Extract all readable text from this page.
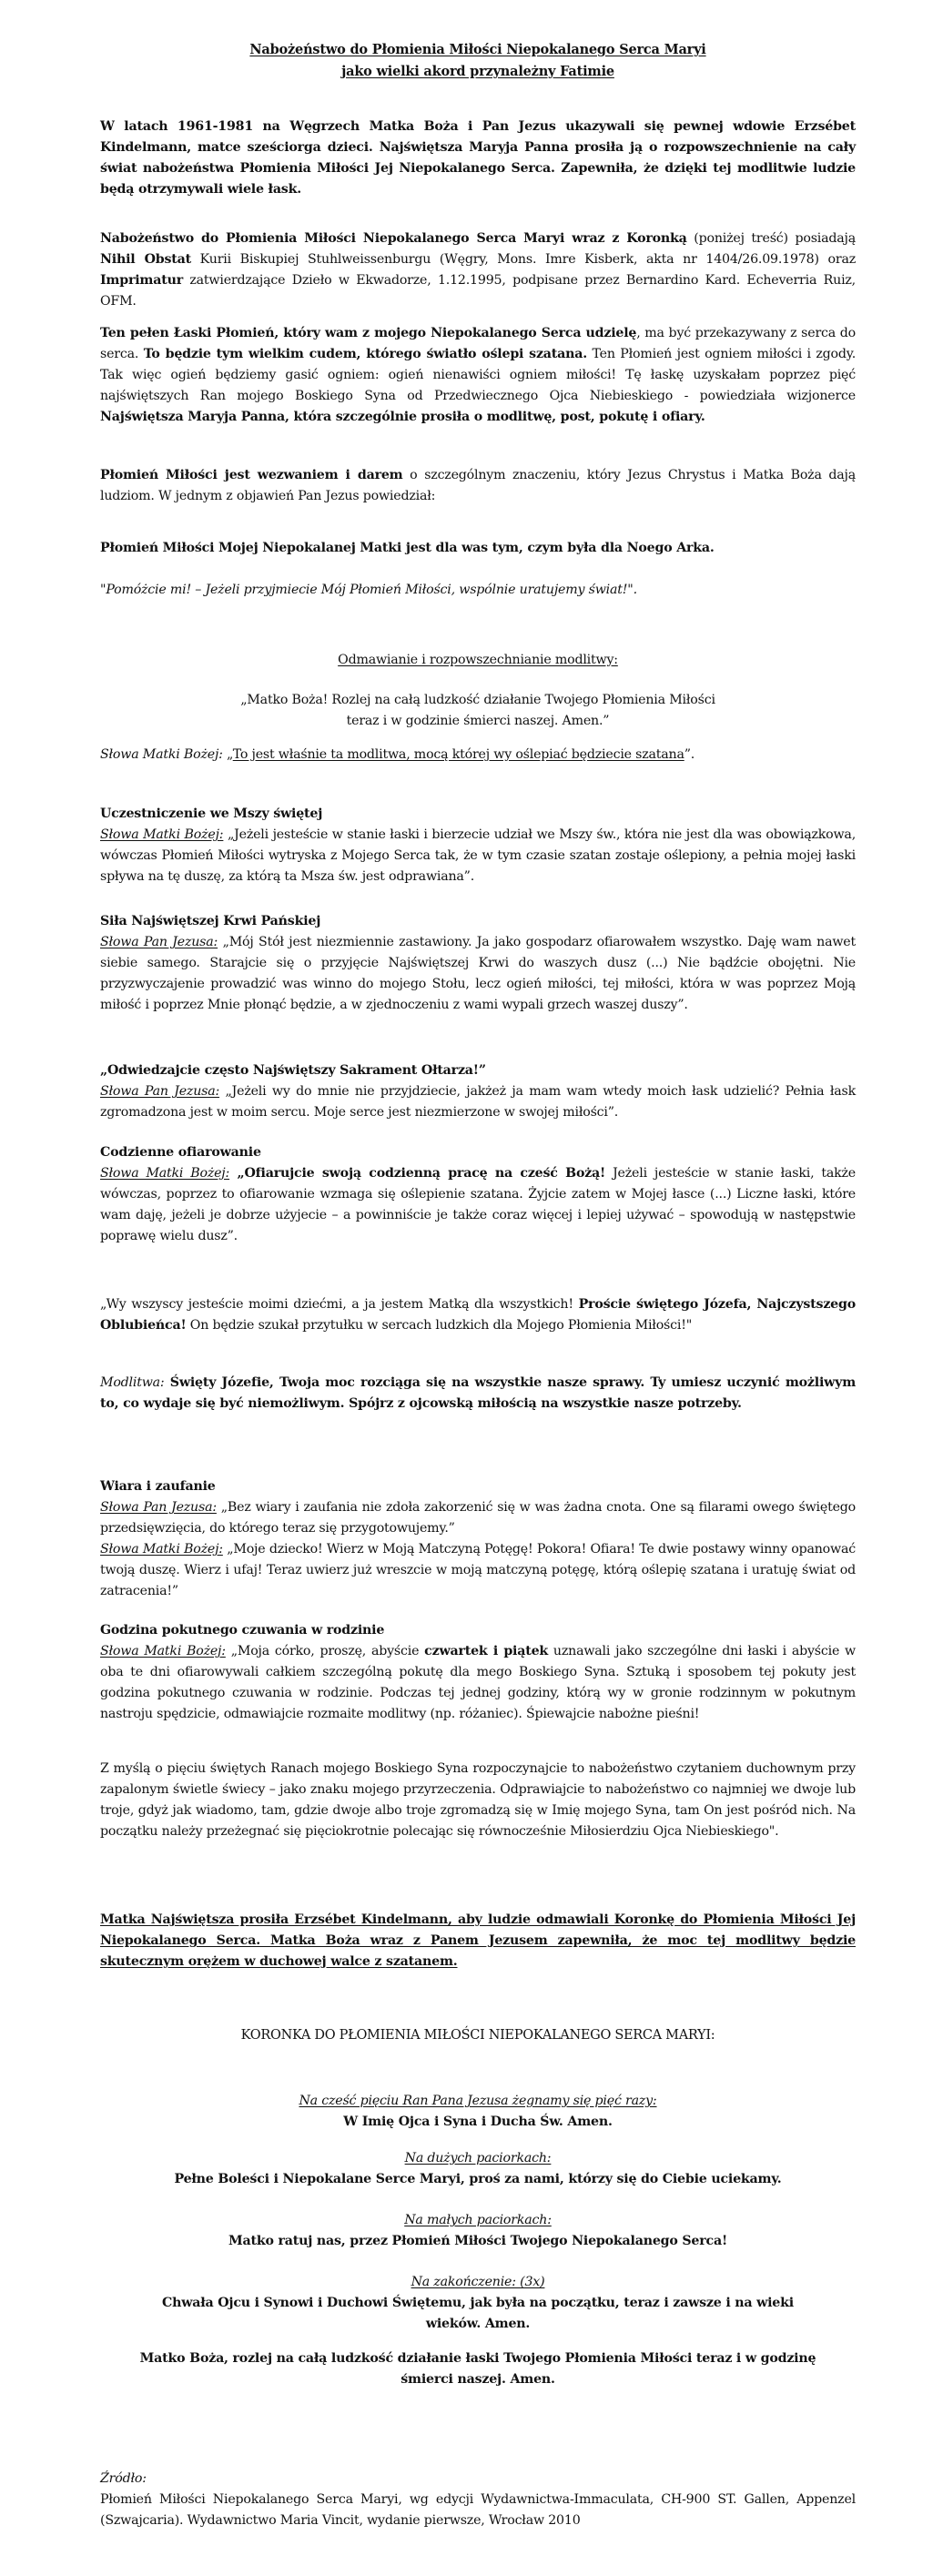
Nabożeństwo do Płomienia Miłości Niepokalanego Serca Maryi
jako wielki akord przynależny Fatimie
W latach 1961-1981 na Węgrzech Matka Boża i Pan Jezus ukazywali się pewnej wdowie Erzsébet Kindelmann, matce sześciorga dzieci. Najświętsza Maryja Panna prosiła ją o rozpowszechnienie na cały świat nabożeństwa Płomienia Miłości Jej Niepokalanego Serca. Zapewniła, że dzięki tej modlitwie ludzie będą otrzymywali wiele łask.
Nabożeństwo do Płomienia Miłości Niepokalanego Serca Maryi wraz z Koronką (poniżej treść) posiadają Nihil Obstat Kurii Biskupiej Stuhlweissenburgu (Węgry, Mons. Imre Kisberk, akta nr 1404/26.09.1978) oraz Imprimatur zatwierdzające Dzieło w Ekwadorze, 1.12.1995, podpisane przez Bernardino Kard. Echeverria Ruiz, OFM.
Ten pełen Łaski Płomień, który wam z mojego Niepokalanego Serca udzielę, ma być przekazywany z serca do serca. To będzie tym wielkim cudem, którego światło oślepi szatana. Ten Płomień jest ogniem miłości i zgody. Tak więc ogień będziemy gasić ogniem: ogień nienawiści ogniem miłości! Tę łaskę uzyskałam poprzez pięć najświętszych Ran mojego Boskiego Syna od Przedwiecznego Ojca Niebieskiego - powiedziała wizjonerce Najświętsza Maryja Panna, która szczególnie prosiła o modlitwę, post, pokutę i ofiary.
Płomień Miłości jest wezwaniem i darem o szczególnym znaczeniu, który Jezus Chrystus i Matka Boża dają ludziom. W jednym z objawień Pan Jezus powiedział:
Płomień Miłości Mojej Niepokalanej Matki jest dla was tym, czym była dla Noego Arka.
"Pomóżcie mi! – Jeżeli przyjmiecie Mój Płomień Miłości, wspólnie uratujemy świat!".
Odmawianie i rozpowszechnianie modlitwy:
„Matko Boża! Rozlej na całą ludzkość działanie Twojego Płomienia Miłości
teraz i w godzinie śmierci naszej. Amen.”
Słowa Matki Bożej: „To jest właśnie ta modlitwa, mocą której wy oślepiać będziecie szatana”.
Uczestniczenie we Mszy świętej
Słowa Matki Bożej: „Jeżeli jesteście w stanie łaski i bierzecie udział we Mszy św., która nie jest dla was obowiązkowa, wówczas Płomień Miłości wytryska z Mojego Serca tak, że w tym czasie szatan zostaje oślepiony, a pełnia mojej łaski spływa na tę duszę, za którą ta Msza św. jest odprawiana”.
Siła Najświętszej Krwi Pańskiej
Słowa Pan Jezusa: „Mój Stół jest niezmiennie zastawiony. Ja jako gospodarz ofiarowałem wszystko. Daję wam nawet siebie samego. Starajcie się o przyjęcie Najświętszej Krwi do waszych dusz (...) Nie bądźcie obojętni. Nie przyzwyczajenie prowadzić was winno do mojego Stołu, lecz ogień miłości, tej miłości, która w was poprzez Moją miłość i poprzez Mnie płonąć będzie, a w zjednoczeniu z wami wypali grzech waszej duszy”.
„Odwiedzajcie często Najświętszy Sakrament Ołtarza!”
Słowa Pan Jezusa: „Jeżeli wy do mnie nie przyjdziecie, jakżeż ja mam wam wtedy moich łask udzielić? Pełnia łask zgromadzona jest w moim sercu. Moje serce jest niezmierzone w swojej miłości”.
Codzienne ofiarowanie
Słowa Matki Bożej: „Ofiarujcie swoją codzienną pracę na cześć Bożą! Jeżeli jesteście w stanie łaski, także wówczas, poprzez to ofiarowanie wzmaga się oślepienie szatana. Żyjcie zatem w Mojej łasce (...) Liczne łaski, które wam daję, jeżeli je dobrze użyjecie – a powinniście je także coraz więcej i lepiej używać – spowodują w następstwie poprawę wielu dusz”.
„Wy wszyscy jesteście moimi dziećmi, a ja jestem Matką dla wszystkich! Proście świętego Józefa, Najczystszego Oblubieńca! On będzie szukał przytułku w sercach ludzkich dla Mojego Płomienia Miłości!"
Modlitwa: Święty Józefie, Twoja moc rozciąga się na wszystkie nasze sprawy. Ty umiesz uczynić możliwym to, co wydaje się być niemożliwym. Spójrz z ojcowską miłością na wszystkie nasze potrzeby.
Wiara i zaufanie
Słowa Pan Jezusa: „Bez wiary i zaufania nie zdoła zakorzenić się w was żadna cnota. One są filarami owego świętego przedsięwzięcia, do którego teraz się przygotowujemy.”
Słowa Matki Bożej: „Moje dziecko! Wierz w Moją Matczyną Potęgę! Pokora! Ofiara! Te dwie postawy winny opanować twoją duszę. Wierz i ufaj! Teraz uwierz już wreszcie w moją matczyną potęgę, którą oślepię szatana i uratuję świat od zatracenia!”
Godzina pokutnego czuwania w rodzinie
Słowa Matki Bożej: „Moja córko, proszę, abyście czwartek i piątek uznawali jako szczególne dni łaski i abyście w oba te dni ofiarowywali całkiem szczególną pokutę dla mego Boskiego Syna. Sztuką i sposobem tej pokuty jest godzina pokutnego czuwania w rodzinie. Podczas tej jednej godziny, którą wy w gronie rodzinnym w pokutnym nastroju spędzicie, odmawiajcie rozmaite modlitwy (np. różaniec). Śpiewajcie nabożne pieśni!
Z myślą o pięciu świętych Ranach mojego Boskiego Syna rozpoczynajcie to nabożeństwo czytaniem duchownym przy zapalonym świetle świecy – jako znaku mojego przyrzeczenia. Odprawiajcie to nabożeństwo co najmniej we dwoje lub troje, gdyż jak wiadomo, tam, gdzie dwoje albo troje zgromadzą się w Imię mojego Syna, tam On jest pośród nich. Na początku należy przeżegnać się pięciokrotnie polecając się równocześnie Miłosierdziu Ojca Niebieskiego".
Matka Najświętsza prosiła Erzsébet Kindelmann, aby ludzie odmawiali Koronkę do Płomienia Miłości Jej Niepokalanego Serca. Matka Boża wraz z Panem Jezusem zapewniła, że moc tej modlitwy będzie skutecznym orężem w duchowej walce z szatanem.
KORONKA DO PŁOMIENIA MIŁOŚCI NIEPOKALANEGO SERCA MARYI:
Na cześć pięciu Ran Pana Jezusa żegnamy się pięć razy:
W Imię Ojca i Syna i Ducha Św. Amen.
Na dużych paciorkach:
Pełne Boleści i Niepokalane Serce Maryi, proś za nami, którzy się do Ciebie uciekamy.
Na małych paciorkach:
Matko ratuj nas, przez Płomień Miłości Twojego Niepokalanego Serca!
Na zakończenie: (3x)
Chwała Ojcu i Synowi i Duchowi Świętemu, jak była na początku, teraz i zawsze i na wieki wieków. Amen.
Matko Boża, rozlej na całą ludzkość działanie łaski Twojego Płomienia Miłości teraz i w godzinę śmierci naszej. Amen.
Źródło:
Płomień Miłości Niepokalanego Serca Maryi, wg edycji Wydawnictwa-Immaculata, CH-900 ST. Gallen, Appenzel (Szwajcaria). Wydawnictwo Maria Vincit, wydanie pierwsze, Wrocław 2010
